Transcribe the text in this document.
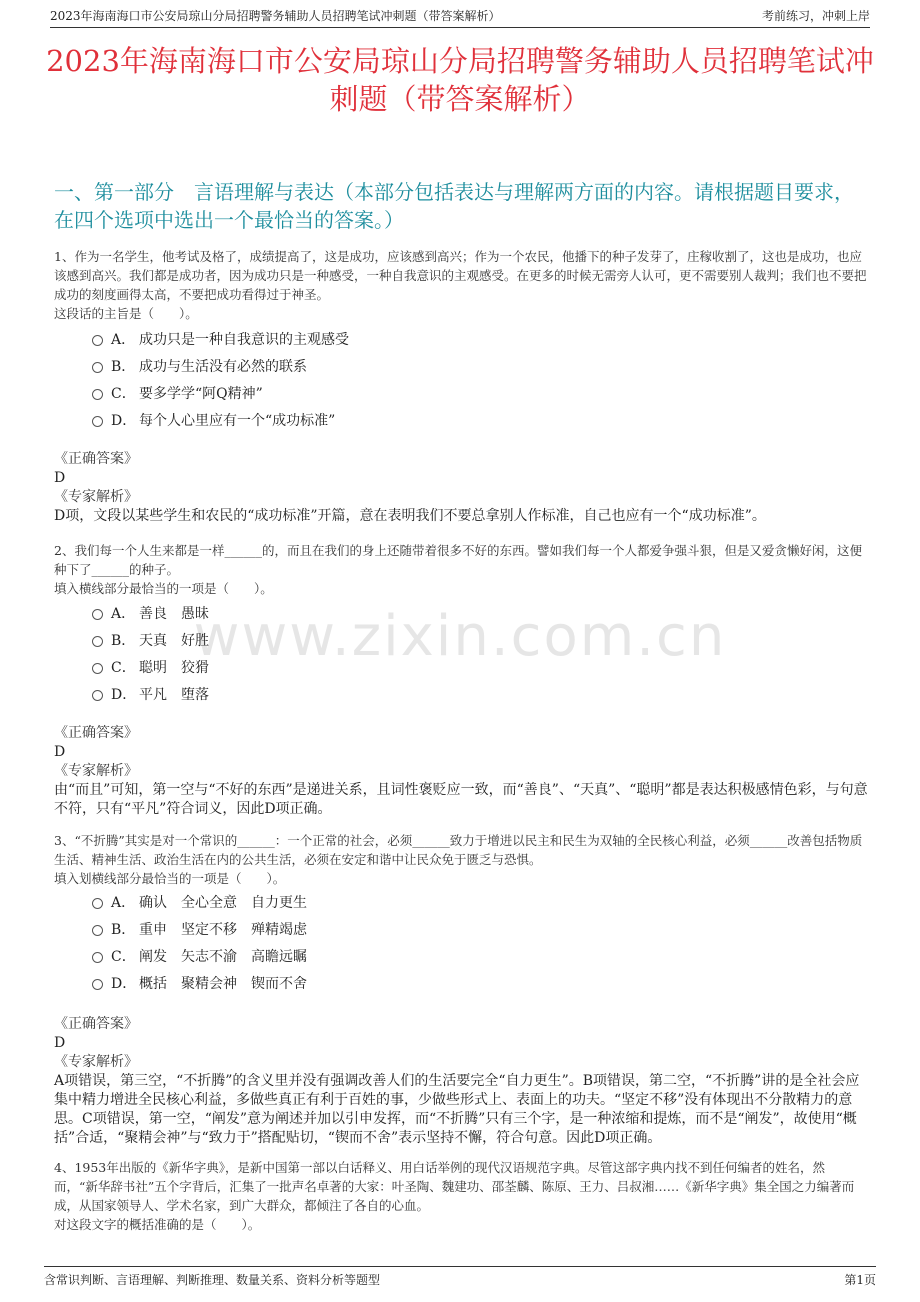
2023年海南海口市公安局琼山分局招聘警务辅助人员招聘笔试冲刺题（带答案解析）	考前练习，冲刺上岸
2023年海南海口市公安局琼山分局招聘警务辅助人员招聘笔试冲刺题（带答案解析）
一、第一部分　言语理解与表达（本部分包括表达与理解两方面的内容。请根据题目要求，在四个选项中选出一个最恰当的答案。）
www.zixin.com.cn
1、作为一名学生，他考试及格了，成绩提高了，这是成功，应该感到高兴；作为一个农民，他播下的种子发芽了，庄稼收割了，这也是成功，也应该感到高兴。我们都是成功者，因为成功只是一种感受，一种自我意识的主观感受。在更多的时候无需旁人认可，更不需要别人裁判；我们也不要把成功的刻度画得太高，不要把成功看得过于神圣。
这段话的主旨是（　　）。
A． 成功只是一种自我意识的主观感受
B． 成功与生活没有必然的联系
C． 要多学学“阿Q精神”
D． 每个人心里应有一个“成功标准”
《正确答案》
D
《专家解析》
D项，文段以某些学生和农民的“成功标准”开篇，意在表明我们不要总拿别人作标准，自己也应有一个“成功标准”。
2、我们每一个人生来都是一样______的，而且在我们的身上还随带着很多不好的东西。譬如我们每一个人都爱争强斗狠，但是又爱贪懒好闲，这便种下了______的种子。
填入横线部分最恰当的一项是（　　）。
A． 善良　愚昧
B． 天真　好胜
C． 聪明　狡猾
D． 平凡　堕落
《正确答案》
D
《专家解析》
由“而且”可知，第一空与“不好的东西”是递进关系，且词性褒贬应一致，而“善良”、“天真”、“聪明”都是表达积极感情色彩，与句意不符，只有“平凡”符合词义，因此D项正确。
3、“不折腾”其实是对一个常识的______：一个正常的社会，必须______致力于增进以民主和民生为双轴的全民核心利益，必须______改善包括物质生活、精神生活、政治生活在内的公共生活，必须在安定和谐中让民众免于匮乏与恐惧。
填入划横线部分最恰当的一项是（　　）。
A． 确认　全心全意　自力更生
B． 重申　坚定不移　殚精竭虑
C． 阐发　矢志不渝　高瞻远瞩
D． 概括　聚精会神　锲而不舍
《正确答案》
D
《专家解析》
A项错误，第三空，“不折腾”的含义里并没有强调改善人们的生活要完全“自力更生”。B项错误，第二空，“不折腾”讲的是全社会应集中精力增进全民核心利益，多做些真正有利于百姓的事，少做些形式上、表面上的功夫。“坚定不移”没有体现出不分散精力的意思。C项错误，第一空，“阐发”意为阐述并加以引申发挥，而“不折腾”只有三个字，是一种浓缩和提炼，而不是“阐发”，故使用“概括”合适，“聚精会神”与“致力于”搭配贴切，“锲而不舍”表示坚持不懈，符合句意。因此D项正确。
4、1953年出版的《新华字典》，是新中国第一部以白话释义、用白话举例的现代汉语规范字典。尽管这部字典内找不到任何编者的姓名，然而，“新华辞书社”五个字背后，汇集了一批声名卓著的大家：叶圣陶、魏建功、邵荃麟、陈原、王力、吕叔湘……《新华字典》集全国之力编著而成，从国家领导人、学术名家，到广大群众，都倾注了各自的心血。
对这段文字的概括准确的是（　　）。
含常识判断、言语理解、判断推理、数量关系、资料分析等题型	第1页
